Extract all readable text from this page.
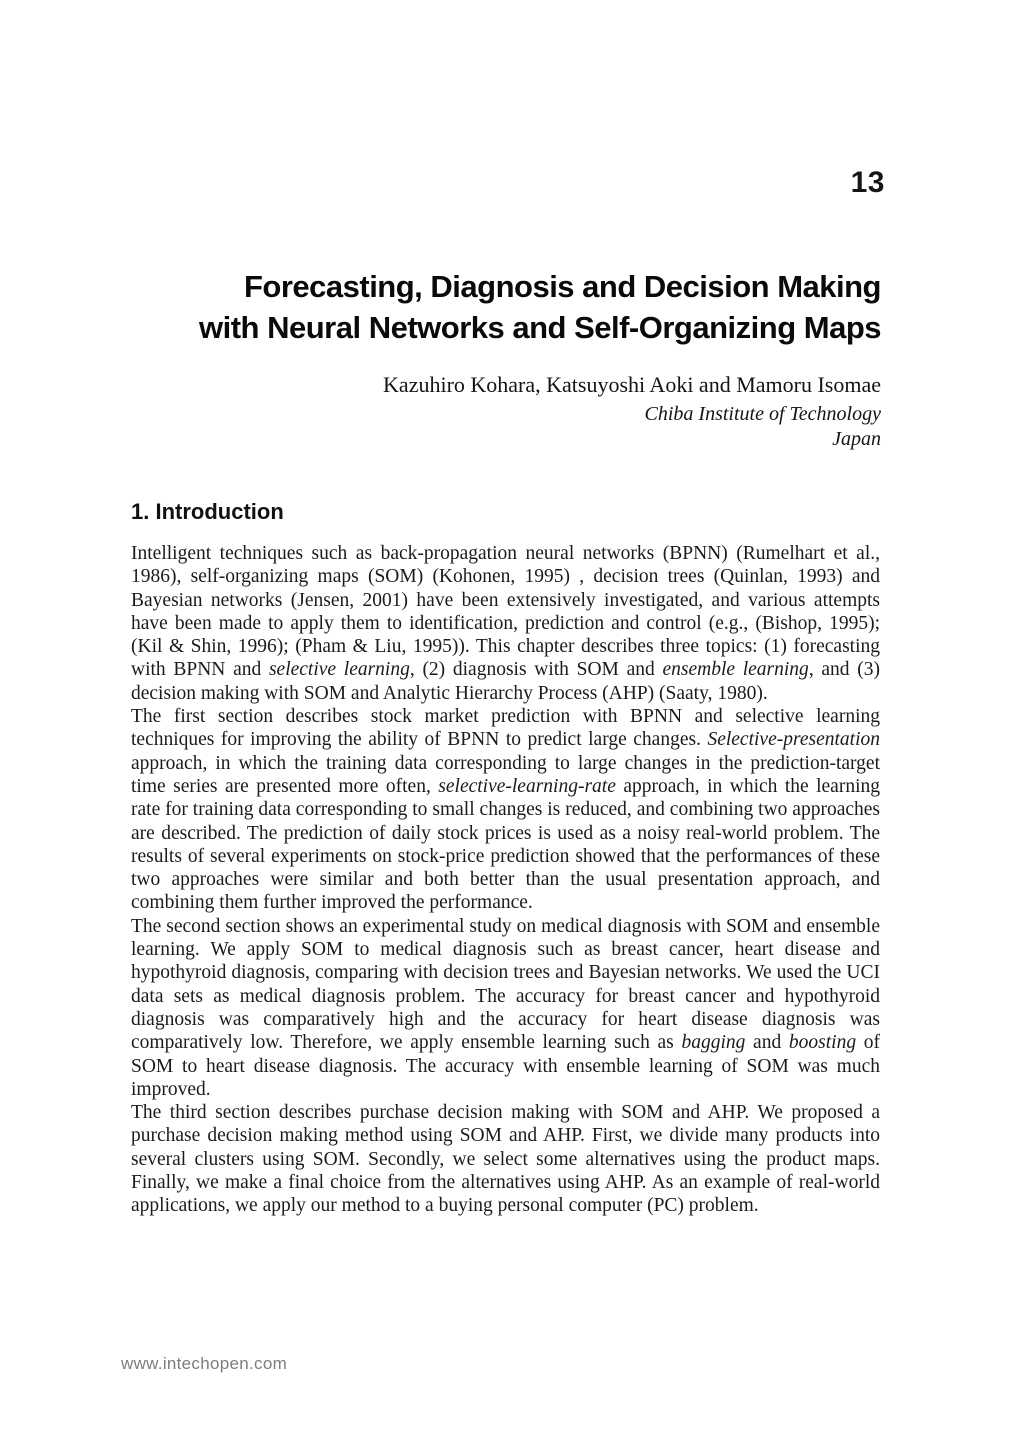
13
Forecasting, Diagnosis and Decision Making
with Neural Networks and Self-Organizing Maps
Kazuhiro Kohara, Katsuyoshi Aoki and Mamoru Isomae
Chiba Institute of Technology
Japan
1. Introduction

Intelligent techniques such as back-propagation neural networks (BPNN) (Rumelhart et al., 1986), self-organizing maps (SOM) (Kohonen, 1995) , decision trees (Quinlan, 1993) and Bayesian networks (Jensen, 2001) have been extensively investigated, and various attempts have been made to apply them to identification, prediction and control (e.g., (Bishop, 1995); (Kil & Shin, 1996); (Pham & Liu, 1995)). This chapter describes three topics: (1) forecasting with BPNN and selective learning, (2) diagnosis with SOM and ensemble learning, and (3) decision making with SOM and Analytic Hierarchy Process (AHP) (Saaty, 1980).

The first section describes stock market prediction with BPNN and selective learning techniques for improving the ability of BPNN to predict large changes. Selective-presentation approach, in which the training data corresponding to large changes in the prediction-target time series are presented more often, selective-learning-rate approach, in which the learning rate for training data corresponding to small changes is reduced, and combining two approaches are described. The prediction of daily stock prices is used as a noisy real-world problem. The results of several experiments on stock-price prediction showed that the performances of these two approaches were similar and both better than the usual presentation approach, and combining them further improved the performance.

The second section shows an experimental study on medical diagnosis with SOM and ensemble learning. We apply SOM to medical diagnosis such as breast cancer, heart disease and hypothyroid diagnosis, comparing with decision trees and Bayesian networks. We used the UCI data sets as medical diagnosis problem. The accuracy for breast cancer and hypothyroid diagnosis was comparatively high and the accuracy for heart disease diagnosis was comparatively low. Therefore, we apply ensemble learning such as bagging and boosting of SOM to heart disease diagnosis. The accuracy with ensemble learning of SOM was much improved.

The third section describes purchase decision making with SOM and AHP. We proposed a purchase decision making method using SOM and AHP. First, we divide many products into several clusters using SOM. Secondly, we select some alternatives using the product maps. Finally, we make a final choice from the alternatives using AHP. As an example of real-world applications, we apply our method to a buying personal computer (PC) problem.

www.intechopen.com
